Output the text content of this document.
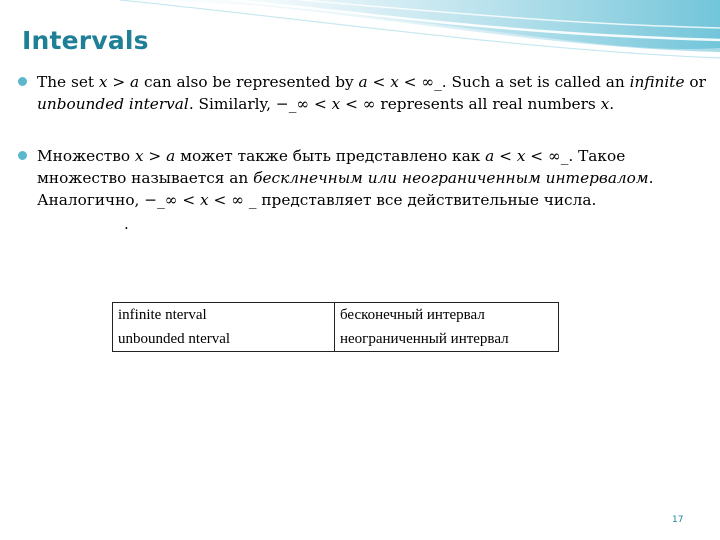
Intervals
The set x > a can also be represented by a < x < ∞_. Such a set is called an infinite or unbounded interval. Similarly, −_∞ < x < ∞ represents all real numbers x.
Множество x > a может также быть представлено как a < x < ∞_. Такое множество называется an бесклнечным или неограниченным интервалом. Аналогично, −_∞ < x < ∞ _ представляет все действительные числа.
.
infinite nterval	бесконечный интервал
unbounded nterval	неограниченный интервал
17
